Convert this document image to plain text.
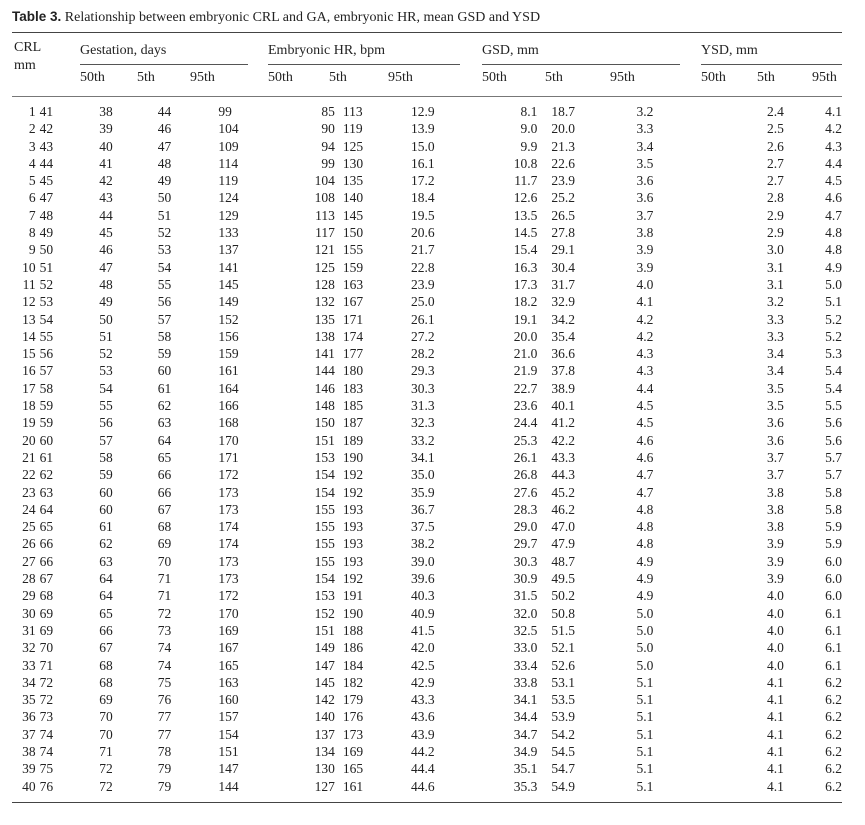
Table 3. Relationship between embryonic CRL and GA, embryonic HR, mean GSD and YSD
CRL
mm
Gestation, days	Embryonic HR, bpm	GSD, mm	YSD, mm
50th 5th	95th	50th	5th	95th	50th	5th	95th	50th 5th	95th
1	41	38	44	99	85	113	12.9	8.1	18.7	3.2	2.4	4.1
2	42	39	46	104	90	119	13.9	9.0	20.0	3.3	2.5	4.2
3	43	40	47	109	94	125	15.0	9.9	21.3	3.4	2.6	4.3
4	44	41	48	114	99	130	16.1	10.8	22.6	3.5	2.7	4.4
5	45	42	49	119	104	135	17.2	11.7	23.9	3.6	2.7	4.5
6	47	43	50	124	108	140	18.4	12.6	25.2	3.6	2.8	4.6
7	48	44	51	129	113	145	19.5	13.5	26.5	3.7	2.9	4.7
8	49	45	52	133	117	150	20.6	14.5	27.8	3.8	2.9	4.8
9	50	46	53	137	121	155	21.7	15.4	29.1	3.9	3.0	4.8
10	51	47	54	141	125	159	22.8	16.3	30.4	3.9	3.1	4.9
11	52	48	55	145	128	163	23.9	17.3	31.7	4.0	3.1	5.0
12	53	49	56	149	132	167	25.0	18.2	32.9	4.1	3.2	5.1
13	54	50	57	152	135	171	26.1	19.1	34.2	4.2	3.3	5.2
14	55	51	58	156	138	174	27.2	20.0	35.4	4.2	3.3	5.2
15	56	52	59	159	141	177	28.2	21.0	36.6	4.3	3.4	5.3
16	57	53	60	161	144	180	29.3	21.9	37.8	4.3	3.4	5.4
17	58	54	61	164	146	183	30.3	22.7	38.9	4.4	3.5	5.4
18	59	55	62	166	148	185	31.3	23.6	40.1	4.5	3.5	5.5
19	59	56	63	168	150	187	32.3	24.4	41.2	4.5	3.6	5.6
20	60	57	64	170	151	189	33.2	25.3	42.2	4.6	3.6	5.6
21	61	58	65	171	153	190	34.1	26.1	43.3	4.6	3.7	5.7
22	62	59	66	172	154	192	35.0	26.8	44.3	4.7	3.7	5.7
23	63	60	66	173	154	192	35.9	27.6	45.2	4.7	3.8	5.8
24	64	60	67	173	155	193	36.7	28.3	46.2	4.8	3.8	5.8
25	65	61	68	174	155	193	37.5	29.0	47.0	4.8	3.8	5.9
26	66	62	69	174	155	193	38.2	29.7	47.9	4.8	3.9	5.9
27	66	63	70	173	155	193	39.0	30.3	48.7	4.9	3.9	6.0
28	67	64	71	173	154	192	39.6	30.9	49.5	4.9	3.9	6.0
29	68	64	71	172	153	191	40.3	31.5	50.2	4.9	4.0	6.0
30	69	65	72	170	152	190	40.9	32.0	50.8	5.0	4.0	6.1
31	69	66	73	169	151	188	41.5	32.5	51.5	5.0	4.0	6.1
32	70	67	74	167	149	186	42.0	33.0	52.1	5.0	4.0	6.1
33	71	68	74	165	147	184	42.5	33.4	52.6	5.0	4.0	6.1
34	72	68	75	163	145	182	42.9	33.8	53.1	5.1	4.1	6.2
35	72	69	76	160	142	179	43.3	34.1	53.5	5.1	4.1	6.2
36	73	70	77	157	140	176	43.6	34.4	53.9	5.1	4.1	6.2
37	74	70	77	154	137	173	43.9	34.7	54.2	5.1	4.1	6.2
38	74	71	78	151	134	169	44.2	34.9	54.5	5.1	4.1	6.2
39	75	72	79	147	130	165	44.4	35.1	54.7	5.1	4.1	6.2
40	76	72	79	144	127	161	44.6	35.3	54.9	5.1	4.1	6.2
